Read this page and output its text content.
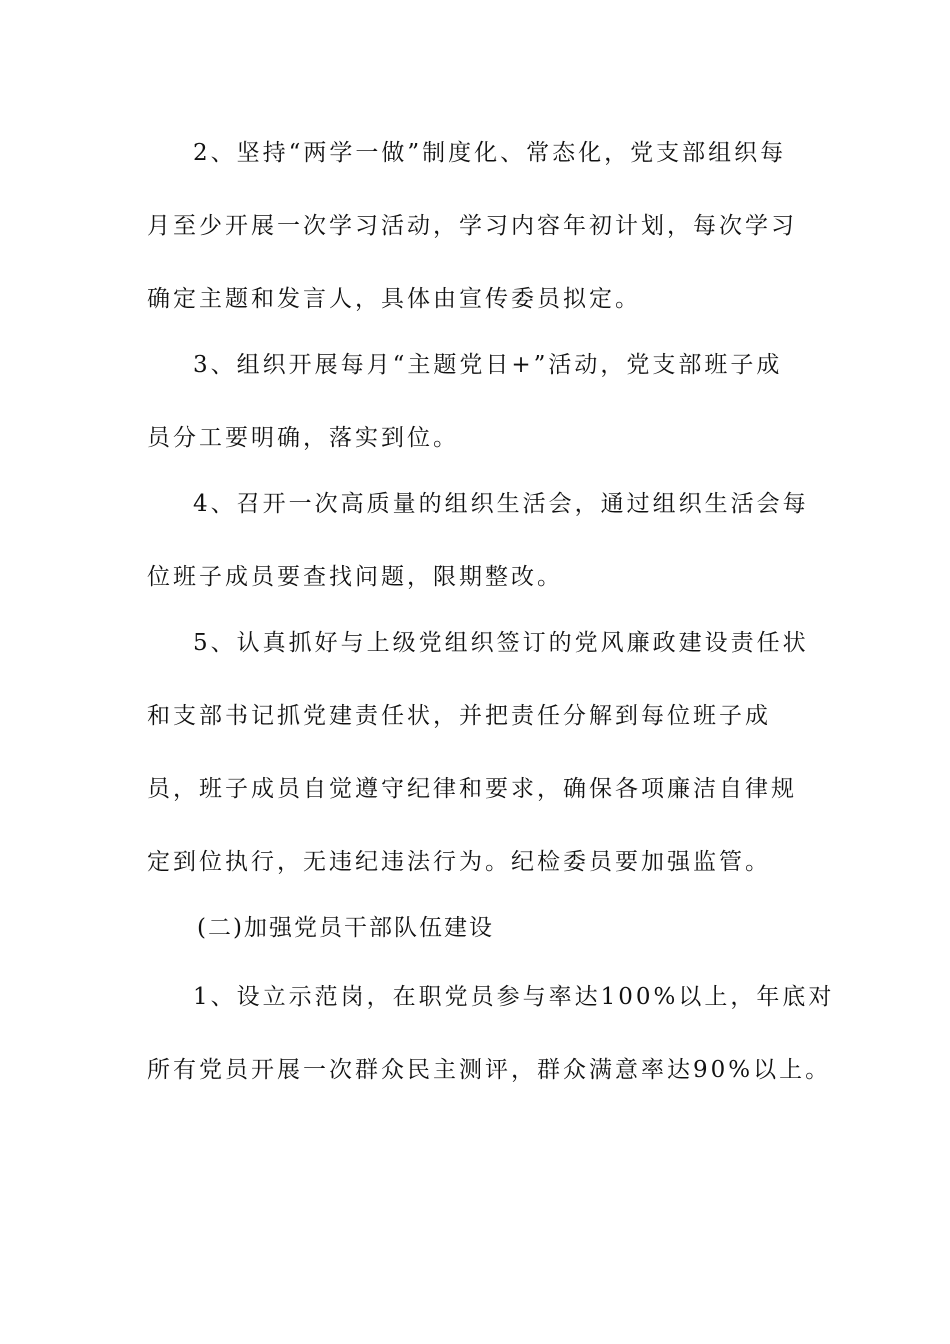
2、坚持“两学一做”制度化、常态化，党支部组织每
月至少开展一次学习活动，学习内容年初计划，每次学习
确定主题和发言人，具体由宣传委员拟定。
3、组织开展每月“主题党日+”活动，党支部班子成
员分工要明确，落实到位。
4、召开一次高质量的组织生活会，通过组织生活会每
位班子成员要查找问题，限期整改。
5、认真抓好与上级党组织签订的党风廉政建设责任状
和支部书记抓党建责任状，并把责任分解到每位班子成
员，班子成员自觉遵守纪律和要求，确保各项廉洁自律规
定到位执行，无违纪违法行为。纪检委员要加强监管。
(二)加强党员干部队伍建设
1、设立示范岗，在职党员参与率达100%以上，年底对
所有党员开展一次群众民主测评，群众满意率达90%以上。
